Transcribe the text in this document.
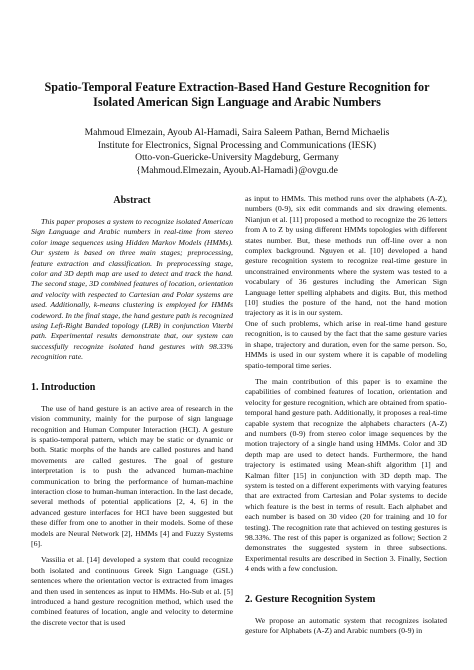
Spatio-Temporal Feature Extraction-Based Hand Gesture Recognition for
Isolated American Sign Language and Arabic Numbers
Mahmoud Elmezain, Ayoub Al-Hamadi, Saira Saleem Pathan, Bernd Michaelis
Institute for Electronics, Signal Processing and Communications (IESK)
Otto-von-Guericke-University Magdeburg, Germany
{Mahmoud.Elmezain, Ayoub.Al-Hamadi}@ovgu.de
Abstract

This paper proposes a system to recognize isolated American Sign Language and Arabic numbers in real-time from stereo color image sequences using Hidden Markov Models (HMMs). Our system is based on three main stages; preprocessing, feature extraction and classification. In preprocessing stage, color and 3D depth map are used to detect and track the hand. The second stage, 3D combined features of location, orientation and velocity with respected to Cartesian and Polar systems are used. Additionally, k-means clustering is employed for HMMs codeword. In the final stage, the hand gesture path is recognized using Left-Right Banded topology (LRB) in conjunction Viterbi path. Experimental results demonstrate that, our system can successfully recognize isolated hand gestures with 98.33% recognition rate.

1. Introduction

The use of hand gesture is an active area of research in the vision community, mainly for the purpose of sign language recognition and Human Computer Interaction (HCI). A gesture is spatio-temporal pattern, which may be static or dynamic or both. Static morphs of the hands are called postures and hand movements are called gestures. The goal of gesture interpretation is to push the advanced human-machine communication to bring the performance of human-machine interaction close to human-human interaction. In the last decade, several methods of potential applications [2, 4, 6] in the advanced gesture interfaces for HCI have been suggested but these differ from one to another in their models. Some of these models are Neural Network [2], HMMs [4] and Fuzzy Systems [6].

Vassilia et al. [14] developed a system that could recognize both isolated and continuous Greek Sign Language (GSL) sentences where the orientation vector is extracted from images and then used in sentences as input to HMMs. Ho-Sub et al. [5] introduced a hand gesture recognition method, which used the combined features of location, angle and velocity to determine the discrete vector that is used

as input to HMMs. This method runs over the alphabets (A-Z), numbers (0-9), six edit commands and six drawing elements. Nianjun et al. [11] proposed a method to recognize the 26 letters from A to Z by using different HMMs topologies with different states number. But, these methods run off-line over a non complex background. Nguyen et al. [10] developed a hand gesture recognition system to recognize real-time gesture in unconstrained environments where the system was tested to a vocabulary of 36 gestures including the American Sign Language letter spelling alphabets and digits. But, this method [10] studies the posture of the hand, not the hand motion trajectory as it is in our system.

One of such problems, which arise in real-time hand gesture recognition, is to caused by the fact that the same gesture varies in shape, trajectory and duration, even for the same person. So, HMMs is used in our system where it is capable of modeling spatio-temporal time series.

The main contribution of this paper is to examine the capabilities of combined features of location, orientation and velocity for gesture recognition, which are obtained from spatio-temporal hand gesture path. Additionally, it proposes a real-time capable system that recognize the alphabets characters (A-Z) and numbers (0-9) from stereo color image sequences by the motion trajectory of a single hand using HMMs. Color and 3D depth map are used to detect hands. Furthermore, the hand trajectory is estimated using Mean-shift algorithm [1] and Kalman filter [15] in conjunction with 3D depth map. The system is tested on a different experiments with varying features that are extracted from Cartesian and Polar systems to decide which feature is the best in terms of result. Each alphabet and each number is based on 30 video (20 for training and 10 for testing). The recognition rate that achieved on testing gestures is 98.33%. The rest of this paper is organized as follow; Section 2 demonstrates the suggested system in three subsections. Experimental results are described in Section 3. Finally, Section 4 ends with a few conclusion.

2. Gesture Recognition System

We propose an automatic system that recognizes isolated gesture for Alphabets (A-Z) and Arabic numbers (0-9) in
